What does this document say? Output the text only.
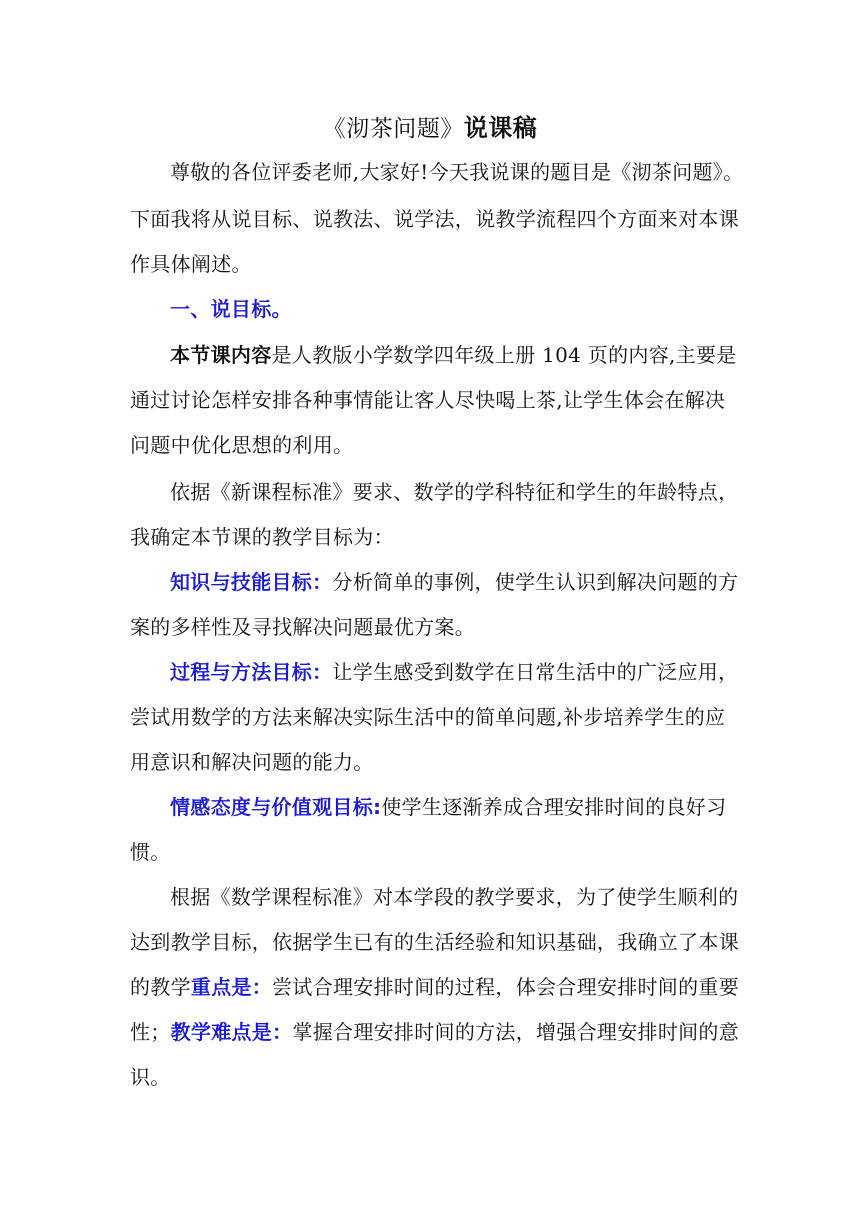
《沏茶问题》说课稿
尊敬的各位评委老师,大家好!今天我说课的题目是《沏茶问题》。
下面我将从说目标、说教法、说学法，说教学流程四个方面来对本课
作具体阐述。
一、说目标。
本节课内容是人教版小学数学四年级上册 104 页的内容,主要是
通过讨论怎样安排各种事情能让客人尽快喝上茶,让学生体会在解决
问题中优化思想的利用。
依据《新课程标准》要求、数学的学科特征和学生的年龄特点，
我确定本节课的教学目标为：
知识与技能目标：分析简单的事例，使学生认识到解决问题的方
案的多样性及寻找解决问题最优方案。
过程与方法目标：让学生感受到数学在日常生活中的广泛应用，
尝试用数学的方法来解决实际生活中的简单问题,补步培养学生的应
用意识和解决问题的能力。
情感态度与价值观目标:使学生逐渐养成合理安排时间的良好习
惯。
根据《数学课程标准》对本学段的教学要求，为了使学生顺利的
达到教学目标，依据学生已有的生活经验和知识基础，我确立了本课
的教学重点是：尝试合理安排时间的过程，体会合理安排时间的重要
性；教学难点是：掌握合理安排时间的方法，增强合理安排时间的意
识。
